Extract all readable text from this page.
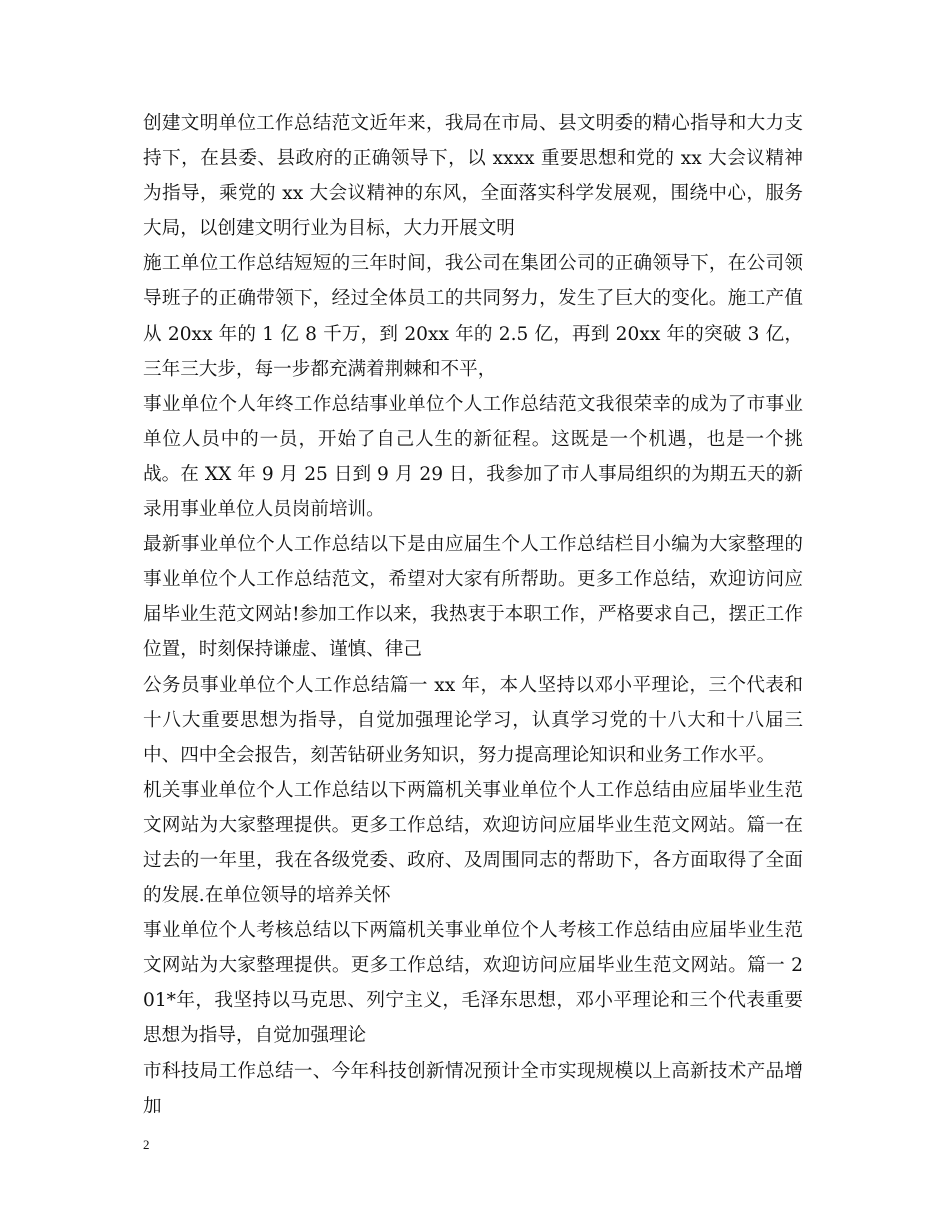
创建文明单位工作总结范文近年来，我局在市局、县文明委的精心指导和大力支持下，在县委、县政府的正确领导下，以 xxxx 重要思想和党的 xx 大会议精神为指导，乘党的 xx 大会议精神的东风，全面落实科学发展观，围绕中心，服务大局，以创建文明行业为目标，大力开展文明

施工单位工作总结短短的三年时间，我公司在集团公司的正确领导下，在公司领导班子的正确带领下，经过全体员工的共同努力，发生了巨大的变化。施工产值从 20xx 年的 1 亿 8 千万，到 20xx 年的 2.5 亿，再到 20xx 年的突破 3 亿，三年三大步，每一步都充满着荆棘和不平，

事业单位个人年终工作总结事业单位个人工作总结范文我很荣幸的成为了市事业单位人员中的一员，开始了自己人生的新征程。这既是一个机遇，也是一个挑战。在 XX 年 9 月 25 日到 9 月 29 日，我参加了市人事局组织的为期五天的新录用事业单位人员岗前培训。

最新事业单位个人工作总结以下是由应届生个人工作总结栏目小编为大家整理的事业单位个人工作总结范文，希望对大家有所帮助。更多工作总结，欢迎访问应届毕业生范文网站!参加工作以来，我热衷于本职工作，严格要求自己，摆正工作位置，时刻保持谦虚、谨慎、律己

公务员事业单位个人工作总结篇一 xx 年，本人坚持以邓小平理论，三个代表和十八大重要思想为指导，自觉加强理论学习，认真学习党的十八大和十八届三中、四中全会报告，刻苦钻研业务知识，努力提高理论知识和业务工作水平。

机关事业单位个人工作总结以下两篇机关事业单位个人工作总结由应届毕业生范文网站为大家整理提供。更多工作总结，欢迎访问应届毕业生范文网站。篇一在过去的一年里，我在各级党委、政府、及周围同志的帮助下，各方面取得了全面的发展.在单位领导的培养关怀

事业单位个人考核总结以下两篇机关事业单位个人考核工作总结由应届毕业生范文网站为大家整理提供。更多工作总结，欢迎访问应届毕业生范文网站。篇一 201*年，我坚持以马克思、列宁主义，毛泽东思想，邓小平理论和三个代表重要思想为指导，自觉加强理论

市科技局工作总结一、今年科技创新情况预计全市实现规模以上高新技术产品增加

2
